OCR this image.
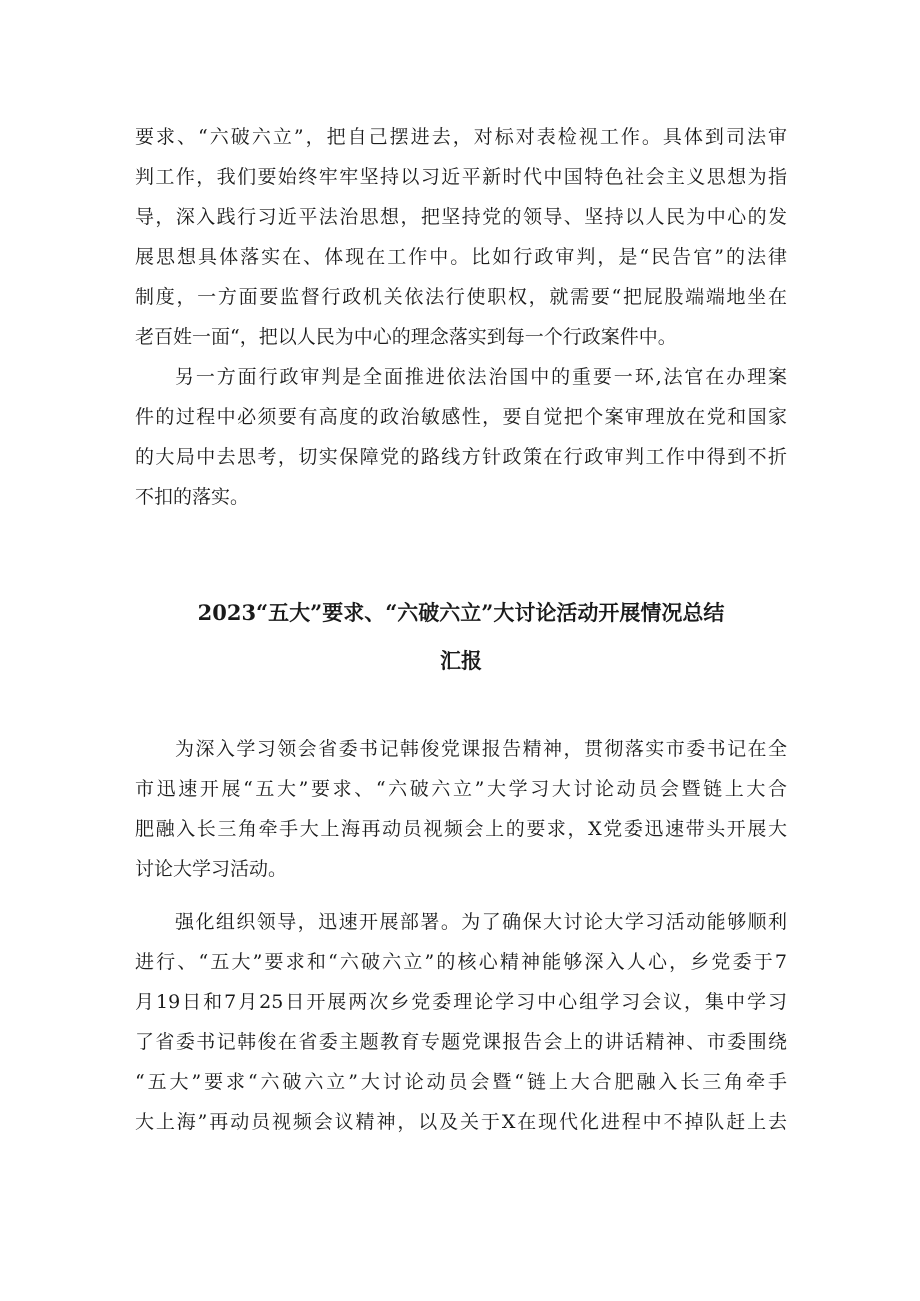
要求、“六破六立”，把自己摆进去，对标对表检视工作。具体到司法审
判工作，我们要始终牢牢坚持以习近平新时代中国特色社会主义思想为指
导，深入践行习近平法治思想，把坚持党的领导、坚持以人民为中心的发
展思想具体落实在、体现在工作中。比如行政审判，是“民告官”的法律
制度，一方面要监督行政机关依法行使职权，就需要“把屁股端端地坐在
老百姓一面“，把以人民为中心的理念落实到每一个行政案件中。
另一方面行政审判是全面推进依法治国中的重要一环,法官在办理案
件的过程中必须要有高度的政治敏感性，要自觉把个案审理放在党和国家
的大局中去思考，切实保障党的路线方针政策在行政审判工作中得到不折
不扣的落实。
2023“五大”要求、“六破六立”大讨论活动开展情况总结
汇报
为深入学习领会省委书记韩俊党课报告精神，贯彻落实市委书记在全
市迅速开展“五大”要求、“六破六立”大学习大讨论动员会暨链上大合
肥融入长三角牵手大上海再动员视频会上的要求，X党委迅速带头开展大
讨论大学习活动。
强化组织领导，迅速开展部署。为了确保大讨论大学习活动能够顺利
进行、“五大”要求和“六破六立”的核心精神能够深入人心，乡党委于7
月19日和7月25日开展两次乡党委理论学习中心组学习会议，集中学习
了省委书记韩俊在省委主题教育专题党课报告会上的讲话精神、市委围绕
“五大”要求“六破六立”大讨论动员会暨“链上大合肥融入长三角牵手
大上海”再动员视频会议精神，以及关于X在现代化进程中不掉队赶上去
